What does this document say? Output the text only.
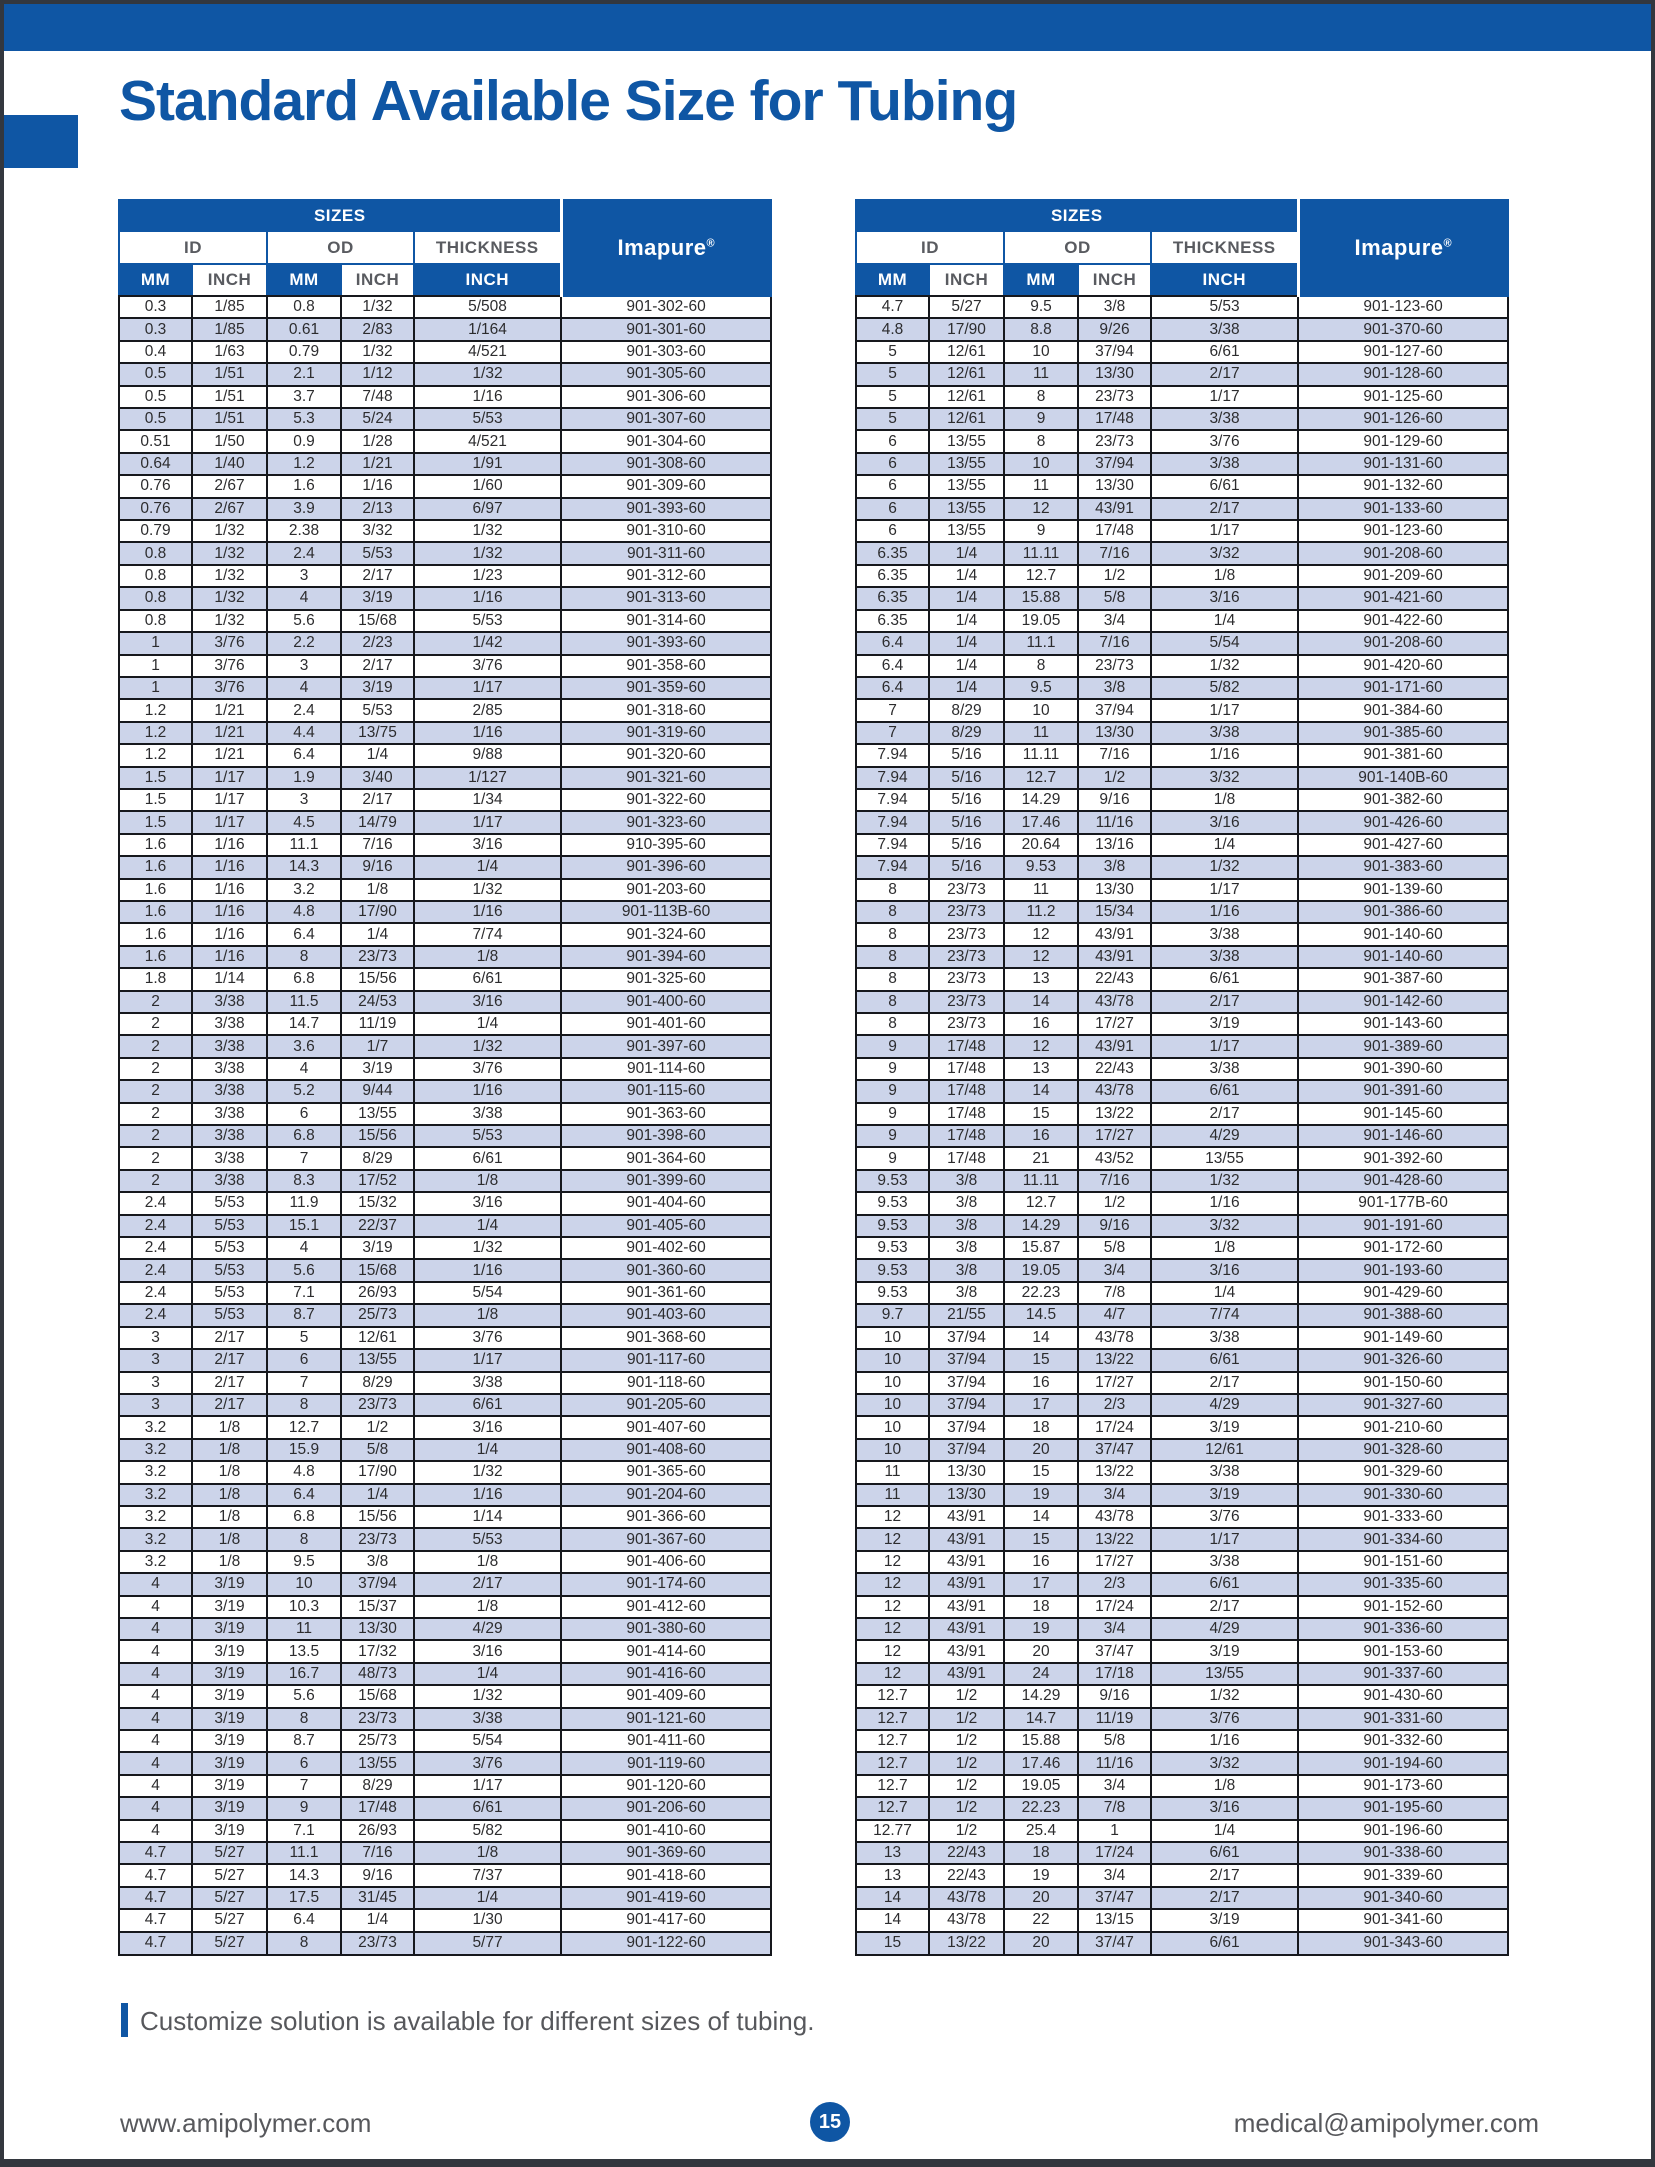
Standard Available Size for Tubing
SIZES					Imapure®
ID		OD		THICKNESS	
MM	INCH	MM	INCH	INCH	
0.3	1/85	0.8	1/32	5/508	901-302-60
0.3	1/85	0.61	2/83	1/164	901-301-60
0.4	1/63	0.79	1/32	4/521	901-303-60
0.5	1/51	2.1	1/12	1/32	901-305-60
0.5	1/51	3.7	7/48	1/16	901-306-60
0.5	1/51	5.3	5/24	5/53	901-307-60
0.51	1/50	0.9	1/28	4/521	901-304-60
0.64	1/40	1.2	1/21	1/91	901-308-60
0.76	2/67	1.6	1/16	1/60	901-309-60
0.76	2/67	3.9	2/13	6/97	901-393-60
0.79	1/32	2.38	3/32	1/32	901-310-60
0.8	1/32	2.4	5/53	1/32	901-311-60
0.8	1/32	3	2/17	1/23	901-312-60
0.8	1/32	4	3/19	1/16	901-313-60
0.8	1/32	5.6	15/68	5/53	901-314-60
1	3/76	2.2	2/23	1/42	901-393-60
1	3/76	3	2/17	3/76	901-358-60
1	3/76	4	3/19	1/17	901-359-60
1.2	1/21	2.4	5/53	2/85	901-318-60
1.2	1/21	4.4	13/75	1/16	901-319-60
1.2	1/21	6.4	1/4	9/88	901-320-60
1.5	1/17	1.9	3/40	1/127	901-321-60
1.5	1/17	3	2/17	1/34	901-322-60
1.5	1/17	4.5	14/79	1/17	901-323-60
1.6	1/16	11.1	7/16	3/16	910-395-60
1.6	1/16	14.3	9/16	1/4	901-396-60
1.6	1/16	3.2	1/8	1/32	901-203-60
1.6	1/16	4.8	17/90	1/16	901-113B-60
1.6	1/16	6.4	1/4	7/74	901-324-60
1.6	1/16	8	23/73	1/8	901-394-60
1.8	1/14	6.8	15/56	6/61	901-325-60
2	3/38	11.5	24/53	3/16	901-400-60
2	3/38	14.7	11/19	1/4	901-401-60
2	3/38	3.6	1/7	1/32	901-397-60
2	3/38	4	3/19	3/76	901-114-60
2	3/38	5.2	9/44	1/16	901-115-60
2	3/38	6	13/55	3/38	901-363-60
2	3/38	6.8	15/56	5/53	901-398-60
2	3/38	7	8/29	6/61	901-364-60
2	3/38	8.3	17/52	1/8	901-399-60
2.4	5/53	11.9	15/32	3/16	901-404-60
2.4	5/53	15.1	22/37	1/4	901-405-60
2.4	5/53	4	3/19	1/32	901-402-60
2.4	5/53	5.6	15/68	1/16	901-360-60
2.4	5/53	7.1	26/93	5/54	901-361-60
2.4	5/53	8.7	25/73	1/8	901-403-60
3	2/17	5	12/61	3/76	901-368-60
3	2/17	6	13/55	1/17	901-117-60
3	2/17	7	8/29	3/38	901-118-60
3	2/17	8	23/73	6/61	901-205-60
3.2	1/8	12.7	1/2	3/16	901-407-60
3.2	1/8	15.9	5/8	1/4	901-408-60
3.2	1/8	4.8	17/90	1/32	901-365-60
3.2	1/8	6.4	1/4	1/16	901-204-60
3.2	1/8	6.8	15/56	1/14	901-366-60
3.2	1/8	8	23/73	5/53	901-367-60
3.2	1/8	9.5	3/8	1/8	901-406-60
4	3/19	10	37/94	2/17	901-174-60
4	3/19	10.3	15/37	1/8	901-412-60
4	3/19	11	13/30	4/29	901-380-60
4	3/19	13.5	17/32	3/16	901-414-60
4	3/19	16.7	48/73	1/4	901-416-60
4	3/19	5.6	15/68	1/32	901-409-60
4	3/19	8	23/73	3/38	901-121-60
4	3/19	8.7	25/73	5/54	901-411-60
4	3/19	6	13/55	3/76	901-119-60
4	3/19	7	8/29	1/17	901-120-60
4	3/19	9	17/48	6/61	901-206-60
4	3/19	7.1	26/93	5/82	901-410-60
4.7	5/27	11.1	7/16	1/8	901-369-60
4.7	5/27	14.3	9/16	7/37	901-418-60
4.7	5/27	17.5	31/45	1/4	901-419-60
4.7	5/27	6.4	1/4	1/30	901-417-60
4.7	5/27	8	23/73	5/77	901-122-60
SIZES					Imapure®
ID		OD		THICKNESS	
MM	INCH	MM	INCH	INCH	
4.7	5/27	9.5	3/8	5/53	901-123-60
4.8	17/90	8.8	9/26	3/38	901-370-60
5	12/61	10	37/94	6/61	901-127-60
5	12/61	11	13/30	2/17	901-128-60
5	12/61	8	23/73	1/17	901-125-60
5	12/61	9	17/48	3/38	901-126-60
6	13/55	8	23/73	3/76	901-129-60
6	13/55	10	37/94	3/38	901-131-60
6	13/55	11	13/30	6/61	901-132-60
6	13/55	12	43/91	2/17	901-133-60
6	13/55	9	17/48	1/17	901-123-60
6.35	1/4	11.11	7/16	3/32	901-208-60
6.35	1/4	12.7	1/2	1/8	901-209-60
6.35	1/4	15.88	5/8	3/16	901-421-60
6.35	1/4	19.05	3/4	1/4	901-422-60
6.4	1/4	11.1	7/16	5/54	901-208-60
6.4	1/4	8	23/73	1/32	901-420-60
6.4	1/4	9.5	3/8	5/82	901-171-60
7	8/29	10	37/94	1/17	901-384-60
7	8/29	11	13/30	3/38	901-385-60
7.94	5/16	11.11	7/16	1/16	901-381-60
7.94	5/16	12.7	1/2	3/32	901-140B-60
7.94	5/16	14.29	9/16	1/8	901-382-60
7.94	5/16	17.46	11/16	3/16	901-426-60
7.94	5/16	20.64	13/16	1/4	901-427-60
7.94	5/16	9.53	3/8	1/32	901-383-60
8	23/73	11	13/30	1/17	901-139-60
8	23/73	11.2	15/34	1/16	901-386-60
8	23/73	12	43/91	3/38	901-140-60
8	23/73	12	43/91	3/38	901-140-60
8	23/73	13	22/43	6/61	901-387-60
8	23/73	14	43/78	2/17	901-142-60
8	23/73	16	17/27	3/19	901-143-60
9	17/48	12	43/91	1/17	901-389-60
9	17/48	13	22/43	3/38	901-390-60
9	17/48	14	43/78	6/61	901-391-60
9	17/48	15	13/22	2/17	901-145-60
9	17/48	16	17/27	4/29	901-146-60
9	17/48	21	43/52	13/55	901-392-60
9.53	3/8	11.11	7/16	1/32	901-428-60
9.53	3/8	12.7	1/2	1/16	901-177B-60
9.53	3/8	14.29	9/16	3/32	901-191-60
9.53	3/8	15.87	5/8	1/8	901-172-60
9.53	3/8	19.05	3/4	3/16	901-193-60
9.53	3/8	22.23	7/8	1/4	901-429-60
9.7	21/55	14.5	4/7	7/74	901-388-60
10	37/94	14	43/78	3/38	901-149-60
10	37/94	15	13/22	6/61	901-326-60
10	37/94	16	17/27	2/17	901-150-60
10	37/94	17	2/3	4/29	901-327-60
10	37/94	18	17/24	3/19	901-210-60
10	37/94	20	37/47	12/61	901-328-60
11	13/30	15	13/22	3/38	901-329-60
11	13/30	19	3/4	3/19	901-330-60
12	43/91	14	43/78	3/76	901-333-60
12	43/91	15	13/22	1/17	901-334-60
12	43/91	16	17/27	3/38	901-151-60
12	43/91	17	2/3	6/61	901-335-60
12	43/91	18	17/24	2/17	901-152-60
12	43/91	19	3/4	4/29	901-336-60
12	43/91	20	37/47	3/19	901-153-60
12	43/91	24	17/18	13/55	901-337-60
12.7	1/2	14.29	9/16	1/32	901-430-60
12.7	1/2	14.7	11/19	3/76	901-331-60
12.7	1/2	15.88	5/8	1/16	901-332-60
12.7	1/2	17.46	11/16	3/32	901-194-60
12.7	1/2	19.05	3/4	1/8	901-173-60
12.7	1/2	22.23	7/8	3/16	901-195-60
12.77	1/2	25.4	1	1/4	901-196-60
13	22/43	18	17/24	6/61	901-338-60
13	22/43	19	3/4	2/17	901-339-60
14	43/78	20	37/47	2/17	901-340-60
14	43/78	22	13/15	3/19	901-341-60
15	13/22	20	37/47	6/61	901-343-60
Customize solution is available for different sizes of tubing.
www.amipolymer.com	15	medical@amipolymer.com
